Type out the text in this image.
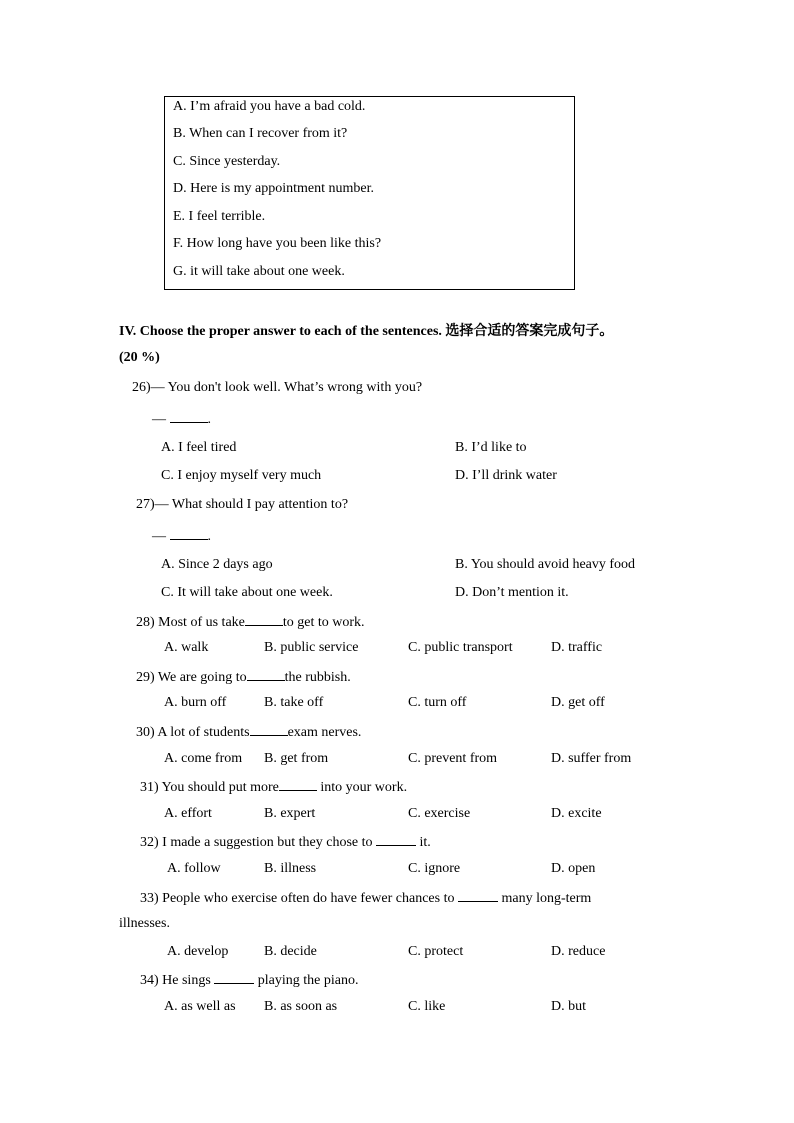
A. I’m afraid you have a bad cold.
B. When can I recover from it?
C. Since yesterday.
D. Here is my appointment number.
E. I feel terrible.
F. How long have you been like this?
G. it will take about one week.
IV. Choose the proper answer to each of the sentences. 选择合适的答案完成句子。
(20 %)
26)— You don't look well. What’s wrong with you?
—	.
A. I feel tired	B. I’d like to
C. I enjoy myself very much	D. I’ll drink water
27)— What should I pay attention to?
—	.
A. Since 2 days ago	B. You should avoid heavy food
C. It will take about one week.	D. Don’t mention it.
28) Most of us take	to get to work.
A. walk	B. public service	C. public transport	D. traffic
29) We are going to	the rubbish.
A. burn off	B. take off	C. turn off	D. get off
30) A lot of students	exam nerves.
A. come from B. get from	C. prevent from	D. suffer from
31) You should put more	into your work.
A. effort	B. expert	C. exercise	D. excite
32) I made a suggestion but they chose to	it.
A. follow	B. illness	C. ignore	D. open
33) People who exercise often do have fewer chances to	many long-term
illnesses.
A. develop	B. decide	C. protect	D. reduce
34) He sings	playing the piano.
A. as well as B. as soon as	C. like	D. but
